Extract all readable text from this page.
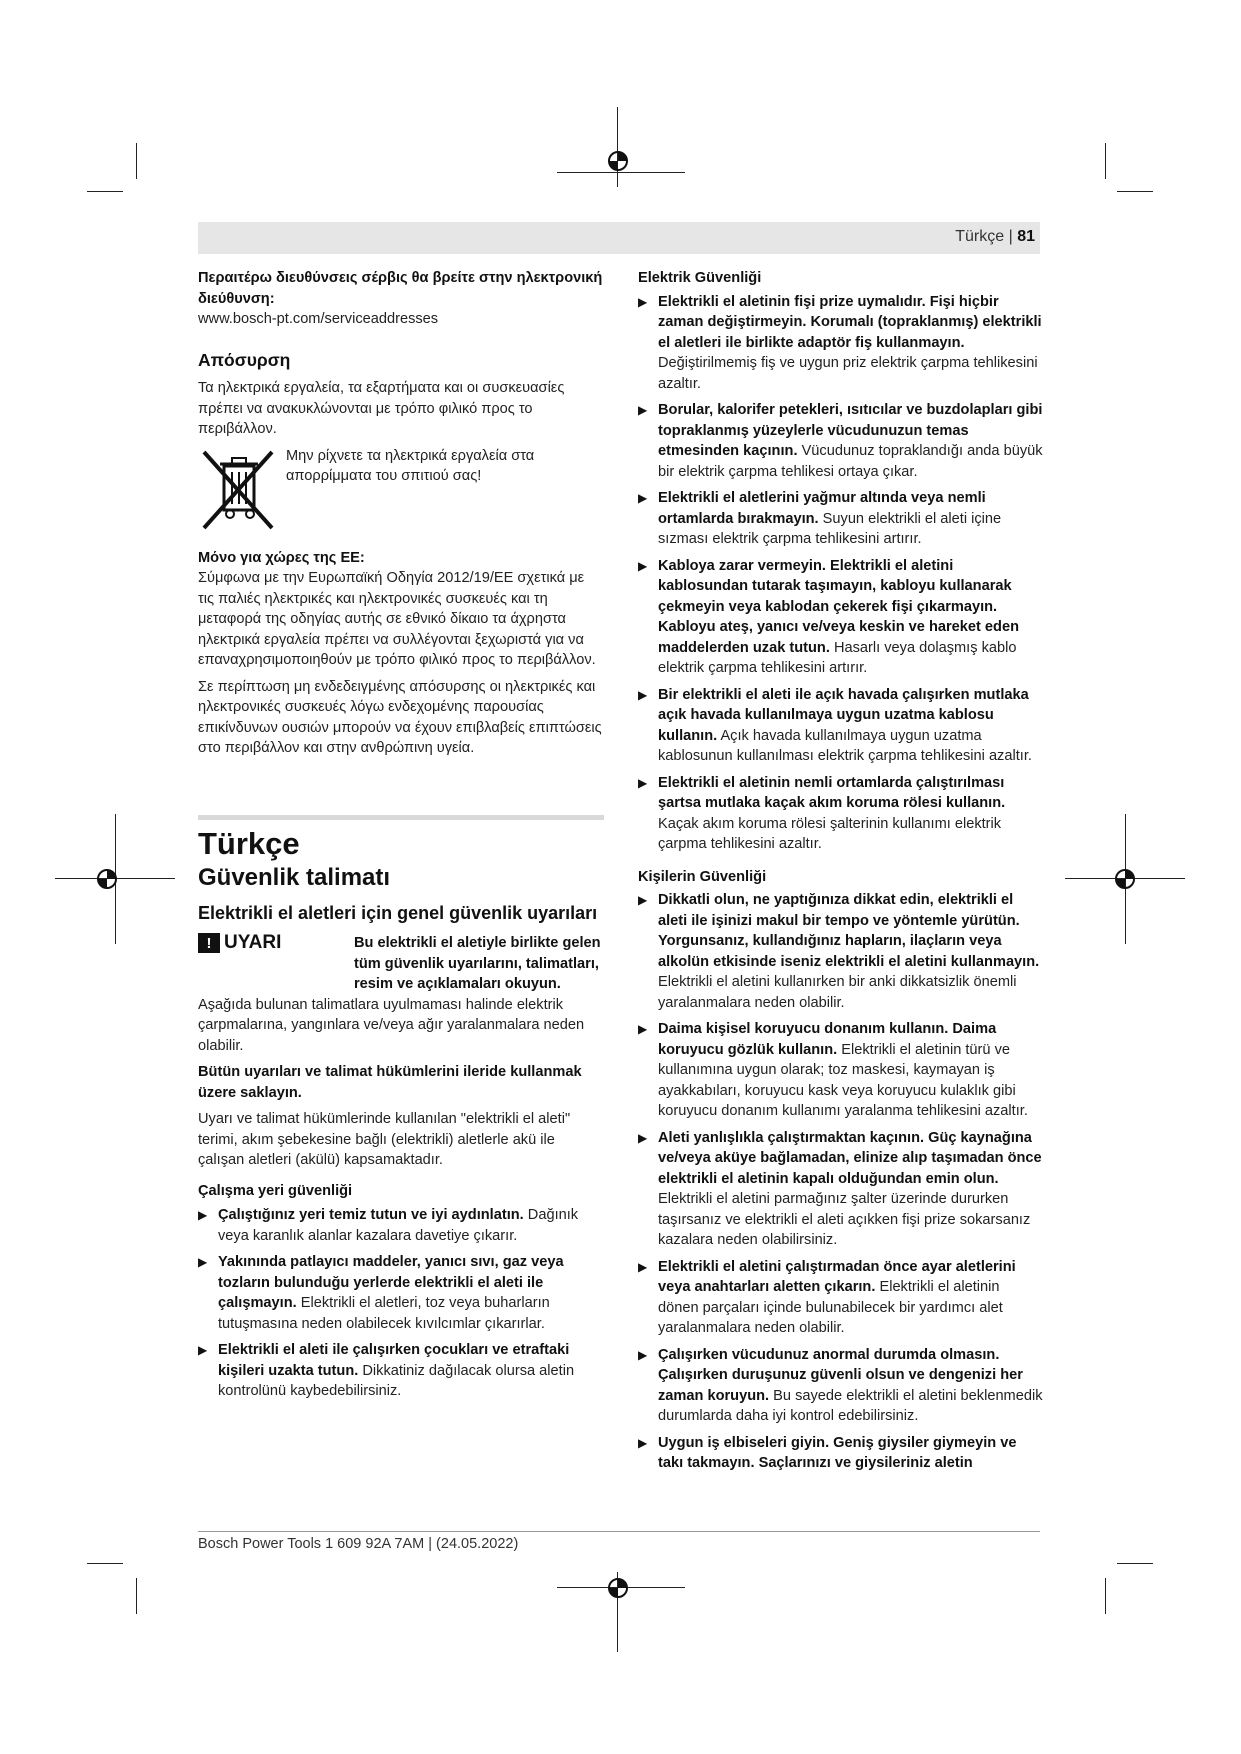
Türkçe | 81

Περαιτέρω διευθύνσεις σέρβις θα βρείτε στην ηλεκτρονική διεύθυνση:

www.bosch-pt.com/serviceaddresses

Απόσυρση

Τα ηλεκτρικά εργαλεία, τα εξαρτήματα και οι συσκευασίες πρέπει να ανακυκλώνονται με τρόπο φιλικό προς το περιβάλλον.

Μην ρίχνετε τα ηλεκτρικά εργαλεία στα απορρίμματα του σπιτιού σας!

Μόνο για χώρες της ΕΕ:

Σύμφωνα με την Ευρωπαϊκή Οδηγία 2012/19/ΕΕ σχετικά με τις παλιές ηλεκτρικές και ηλεκτρονικές συσκευές και τη μεταφορά της οδηγίας αυτής σε εθνικό δίκαιο τα άχρηστα ηλεκτρικά εργαλεία πρέπει να συλλέγονται ξεχωριστά για να επαναχρησιμοποιηθούν με τρόπο φιλικό προς το περιβάλλον.

Σε περίπτωση μη ενδεδειγμένης απόσυρσης οι ηλεκτρικές και ηλεκτρονικές συσκευές λόγω ενδεχομένης παρουσίας επικίνδυνων ουσιών μπορούν να έχουν επιβλαβείς επιπτώσεις στο περιβάλλον και στην ανθρώπινη υγεία.

Türkçe
Güvenlik talimatı
Elektrikli el aletleri için genel güvenlik uyarıları
! UYARI	Bu elektrikli el aletiyle birlikte gelen tüm güvenlik uyarılarını, talimatları, resim ve açıklamaları okuyun.

Aşağıda bulunan talimatlara uyulmaması halinde elektrik çarpmalarına, yangınlara ve/veya ağır yaralanmalara neden olabilir.

Bütün uyarıları ve talimat hükümlerini ileride kullanmak üzere saklayın.

Uyarı ve talimat hükümlerinde kullanılan "elektrikli el aleti" terimi, akım şebekesine bağlı (elektrikli) aletlerle akü ile çalışan aletleri (akülü) kapsamaktadır.

Çalışma yeri güvenliği

▶ Çalıştığınız yeri temiz tutun ve iyi aydınlatın. Dağınık veya karanlık alanlar kazalara davetiye çıkarır.
▶ Yakınında patlayıcı maddeler, yanıcı sıvı, gaz veya tozların bulunduğu yerlerde elektrikli el aleti ile çalışmayın. Elektrikli el aletleri, toz veya buharların tutuşmasına neden olabilecek kıvılcımlar çıkarırlar.
▶ Elektrikli el aleti ile çalışırken çocukları ve etraftaki kişileri uzakta tutun. Dikkatiniz dağılacak olursa aletin kontrolünü kaybedebilirsiniz.

Elektrik Güvenliği

▶ Elektrikli el aletinin fişi prize uymalıdır. Fişi hiçbir zaman değiştirmeyin. Korumalı (topraklanmış) elektrikli el aletleri ile birlikte adaptör fiş kullanmayın. Değiştirilmemiş fiş ve uygun priz elektrik çarpma tehlikesini azaltır.
▶ Borular, kalorifer petekleri, ısıtıcılar ve buzdolapları gibi topraklanmış yüzeylerle vücudunuzun temas etmesinden kaçının. Vücudunuz topraklandığı anda büyük bir elektrik çarpma tehlikesi ortaya çıkar.
▶ Elektrikli el aletlerini yağmur altında veya nemli ortamlarda bırakmayın. Suyun elektrikli el aleti içine sızması elektrik çarpma tehlikesini artırır.
▶ Kabloya zarar vermeyin. Elektrikli el aletini kablosundan tutarak taşımayın, kabloyu kullanarak çekmeyin veya kablodan çekerek fişi çıkarmayın. Kabloyu ateş, yanıcı ve/veya keskin ve hareket eden maddelerden uzak tutun. Hasarlı veya dolaşmış kablo elektrik çarpma tehlikesini artırır.
▶ Bir elektrikli el aleti ile açık havada çalışırken mutlaka açık havada kullanılmaya uygun uzatma kablosu kullanın. Açık havada kullanılmaya uygun uzatma kablosunun kullanılması elektrik çarpma tehlikesini azaltır.
▶ Elektrikli el aletinin nemli ortamlarda çalıştırılması şartsa mutlaka kaçak akım koruma rölesi kullanın. Kaçak akım koruma rölesi şalterinin kullanımı elektrik çarpma tehlikesini azaltır.

Kişilerin Güvenliği

▶ Dikkatli olun, ne yaptığınıza dikkat edin, elektrikli el aleti ile işinizi makul bir tempo ve yöntemle yürütün. Yorgunsanız, kullandığınız hapların, ilaçların veya alkolün etkisinde iseniz elektrikli el aletini kullanmayın. Elektrikli el aletini kullanırken bir anki dikkatsizlik önemli yaralanmalara neden olabilir.
▶ Daima kişisel koruyucu donanım kullanın. Daima koruyucu gözlük kullanın. Elektrikli el aletinin türü ve kullanımına uygun olarak; toz maskesi, kaymayan iş ayakkabıları, koruyucu kask veya koruyucu kulaklık gibi koruyucu donanım kullanımı yaralanma tehlikesini azaltır.
▶ Aleti yanlışlıkla çalıştırmaktan kaçının. Güç kaynağına ve/veya aküye bağlamadan, elinize alıp taşımadan önce elektrikli el aletinin kapalı olduğundan emin olun. Elektrikli el aletini parmağınız şalter üzerinde dururken taşırsanız ve elektrikli el aleti açıkken fişi prize sokarsanız kazalara neden olabilirsiniz.
▶ Elektrikli el aletini çalıştırmadan önce ayar aletlerini veya anahtarları aletten çıkarın. Elektrikli el aletinin dönen parçaları içinde bulunabilecek bir yardımcı alet yaralanmalara neden olabilir.
▶ Çalışırken vücudunuz anormal durumda olmasın. Çalışırken duruşunuz güvenli olsun ve dengenizi her zaman koruyun. Bu sayede elektrikli el aletini beklenmedik durumlarda daha iyi kontrol edebilirsiniz.
▶ Uygun iş elbiseleri giyin. Geniş giysiler giymeyin ve takı takmayın. Saçlarınızı ve giysileriniz aletin
Bosch Power Tools 1 609 92A 7AM | (24.05.2022)
